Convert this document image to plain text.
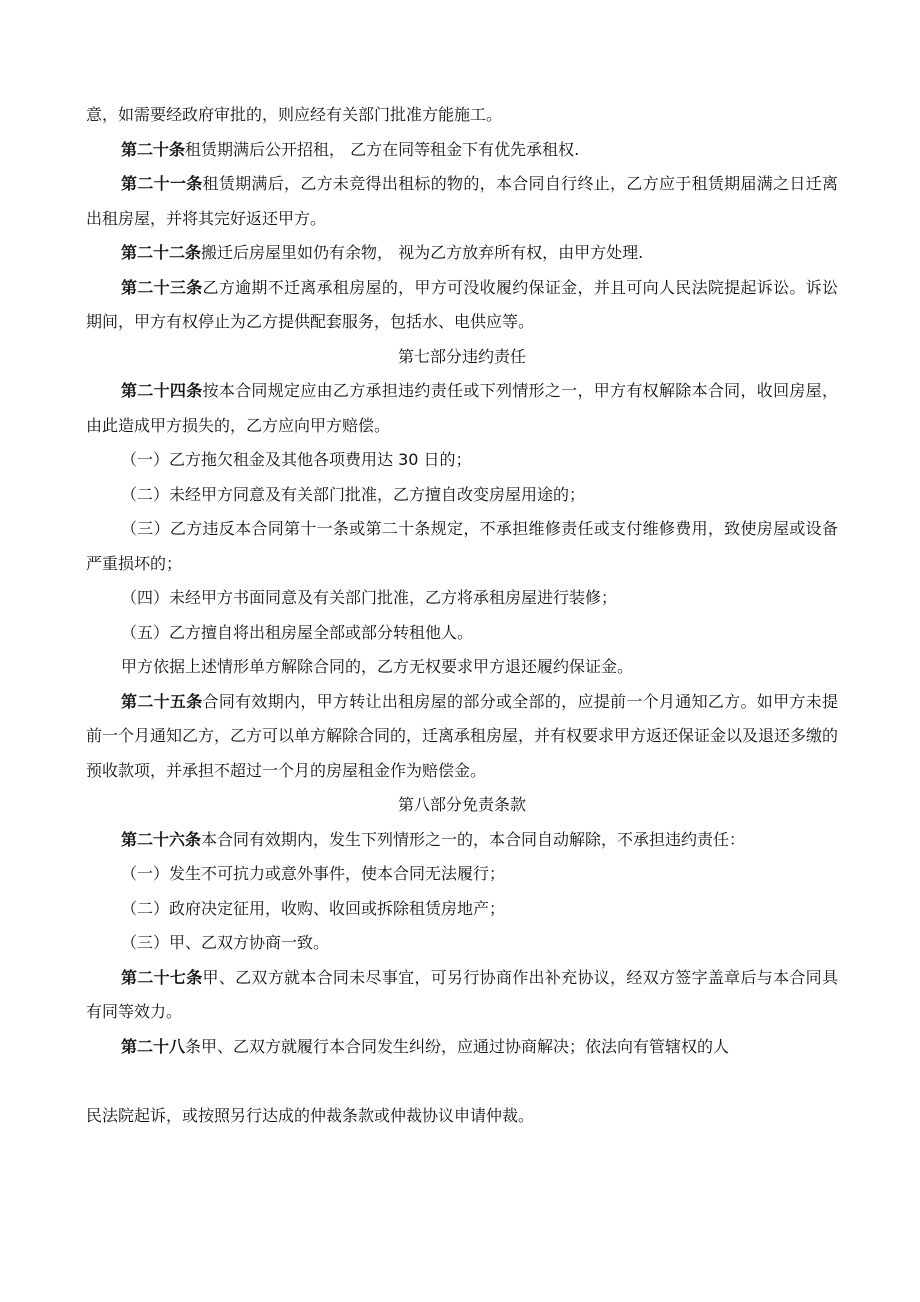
意，如需要经政府审批的，则应经有关部门批准方能施工。

第二十条租赁期满后公开招租， 乙方在同等租金下有优先承租权.

第二十一条租赁期满后，乙方未竞得出租标的物的，本合同自行终止，乙方应于租赁期届满之日迁离出租房屋，并将其完好返还甲方。

第二十二条搬迁后房屋里如仍有余物， 视为乙方放弃所有权，由甲方处理.

第二十三条乙方逾期不迁离承租房屋的，甲方可没收履约保证金，并且可向人民法院提起诉讼。诉讼期间，甲方有权停止为乙方提供配套服务，包括水、电供应等。

第七部分违约责任

第二十四条按本合同规定应由乙方承担违约责任或下列情形之一，甲方有权解除本合同，收回房屋，由此造成甲方损失的，乙方应向甲方赔偿。

（一）乙方拖欠租金及其他各项费用达 30 日的；

（二）未经甲方同意及有关部门批准，乙方擅自改变房屋用途的；

（三）乙方违反本合同第十一条或第二十条规定，不承担维修责任或支付维修费用，致使房屋或设备严重损坏的；

（四）未经甲方书面同意及有关部门批准，乙方将承租房屋进行装修；

（五）乙方擅自将出租房屋全部或部分转租他人。

甲方依据上述情形单方解除合同的，乙方无权要求甲方退还履约保证金。

第二十五条合同有效期内，甲方转让出租房屋的部分或全部的，应提前一个月通知乙方。如甲方未提前一个月通知乙方，乙方可以单方解除合同的，迁离承租房屋，并有权要求甲方返还保证金以及退还多缴的预收款项，并承担不超过一个月的房屋租金作为赔偿金。

第八部分免责条款

第二十六条本合同有效期内，发生下列情形之一的，本合同自动解除，不承担违约责任：

（一）发生不可抗力或意外事件，使本合同无法履行；

（二）政府决定征用，收购、收回或拆除租赁房地产；

（三）甲、乙双方协商一致。

第二十七条甲、乙双方就本合同未尽事宜，可另行协商作出补充协议，经双方签字盖章后与本合同具有同等效力。

第二十八条甲、乙双方就履行本合同发生纠纷，应通过协商解决；依法向有管辖权的人

民法院起诉，或按照另行达成的仲裁条款或仲裁协议申请仲裁。
